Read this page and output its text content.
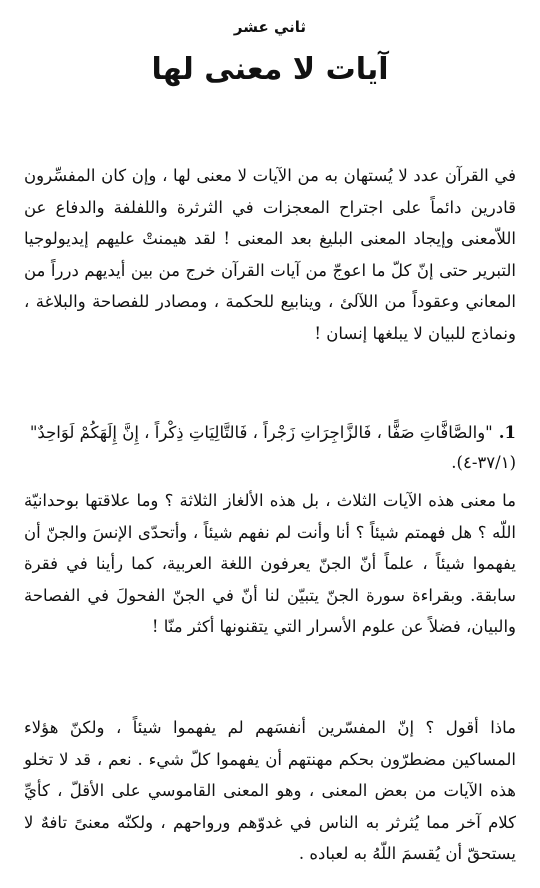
ثاني عشر
آيات لا معنى لها

في القرآن عدد لا يُستهان به من الآيات لا معنى لها ، وإن كان المفسِّرون قادرين دائماً على اجتراح المعجزات في الثرثرة واللفلفة والدفاع عن اللاّمعنى وإيجاد المعنى البليغ بعد المعنى ! لقد هيمنتْ عليهم إيديولوجيا التبرير حتى إنّ كلّ ما اعوجّ من آيات القرآن خرج من بين أيديهم درراً من المعاني وعقوداً من اللآلئ ، وينابيع للحكمة ، ومصادر للفصاحة والبلاغة ، ونماذج للبيان لا يبلغها إنسان !

1."والصَّافَّاتِ صَفًّا ، فَالزَّاجِرَاتِ زَجْراً ، فَالتَّالِيَاتِ ذِكْراً ، إِنَّ إِلَهَكُمْ لَوَاحِدٌ" (٣٧/١-٤).

ما معنى هذه الآيات الثلاث ، بل هذه الألغاز الثلاثة ؟ وما علاقتها بوحدانيّة اللّه ؟ هل فهمتم شيئاً ؟ أنا وأنت لم نفهم شيئاً ، وأتحدّى الإنسَ والجنّ أن يفهموا شيئاً ، علماً أنّ الجنّ يعرفون اللغة العربية، كما رأينا في فقرة سابقة. وبقراءة سورة الجنّ يتبيّن لنا أنّ في الجنّ الفحولَ في الفصاحة والبيان، فضلاً عن علوم الأسرار التي يتقنونها أكثر منّا !

ماذا أقول ؟ إنّ المفسّرين أنفسَهم لم يفهموا شيئاً ، ولكنّ هؤلاء المساكين مضطرّون بحكم مهنتهم أن يفهموا كلّ شيء . نعم ، قد لا تخلو هذه الآيات من بعض المعنى ، وهو المعنى القاموسي على الأقلّ ، كأيِّ كلام آخر مما يُثرثر به الناس في غدوّهم ورواحهم ، ولكنّه معنىً تافهٌ لا يستحقّ أن يُقسمَ اللّهُ به لعباده .
